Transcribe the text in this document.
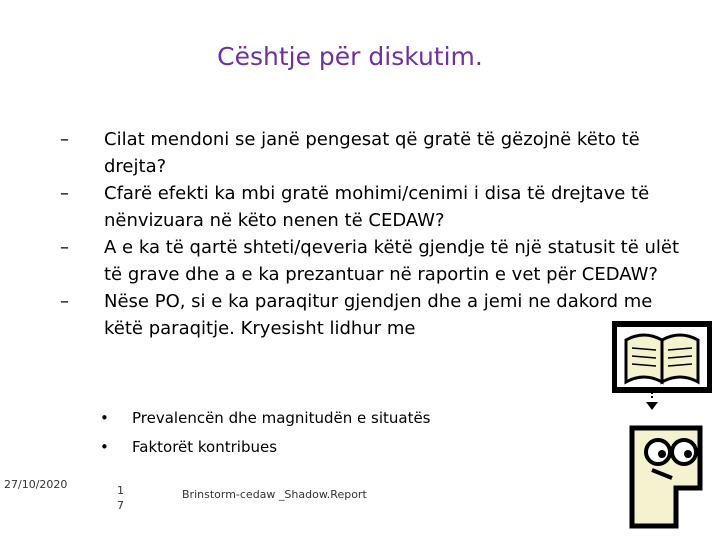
Cështje për diskutim.
–	Cilat mendoni se janë pengesat që gratë të gëzojnë këto të drejta?
–	Cfarë efekti ka mbi gratë mohimi/cenimi i disa të drejtave të nënvizuara në këto nenen të CEDAW?
–	A e ka të qartë shteti/qeveria këtë gjendje të një statusit të ulët të grave dhe a e ka prezantuar në raportin e vet për CEDAW?
–	Nëse PO, si e ka paraqitur gjendjen dhe a jemi ne dakord me këtë paraqitje. Kryesisht lidhur me
• Prevalencën dhe magnitudën e situatës
• Faktorët kontribues
27/10/2020	1
7
Brinstorm-cedaw _Shadow.Report
